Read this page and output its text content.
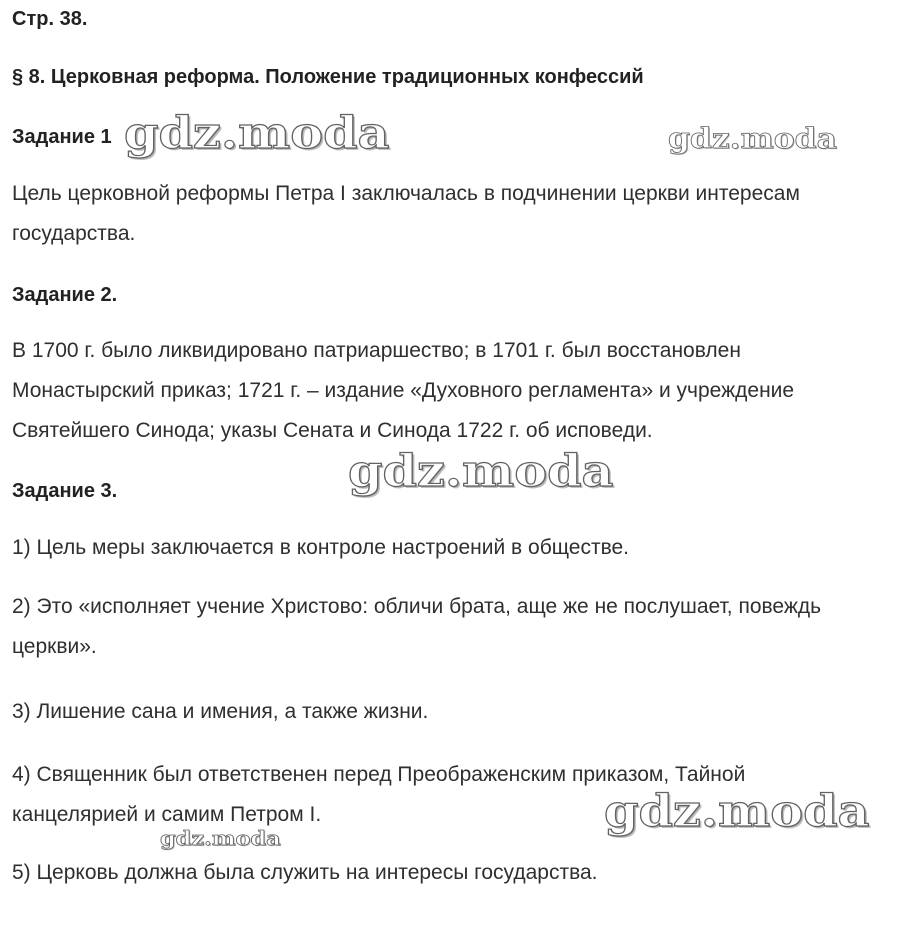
Стр. 38.
§ 8. Церковная реформа. Положение традиционных конфессий
Задание 1
Цель церковной реформы Петра I заключалась в подчинении церкви интересам
государства.
Задание 2.
В 1700 г. было ликвидировано патриаршество; в 1701 г. был восстановлен
Монастырский приказ; 1721 г. – издание «Духовного регламента» и учреждение
Святейшего Синода; указы Сената и Синода 1722 г. об исповеди.
Задание 3.
1) Цель меры заключается в контроле настроений в обществе.
2) Это «исполняет учение Христово: обличи брата, аще же не послушает, повеждь
церкви».
3) Лишение сана и имения, а также жизни.
4) Священник был ответственен перед Преображенским приказом, Тайной
канцелярией и самим Петром I.
5) Церковь должна была служить на интересы государства.
gdz.moda	gdz.moda
gdz.moda
gdz.moda
gdz.moda
